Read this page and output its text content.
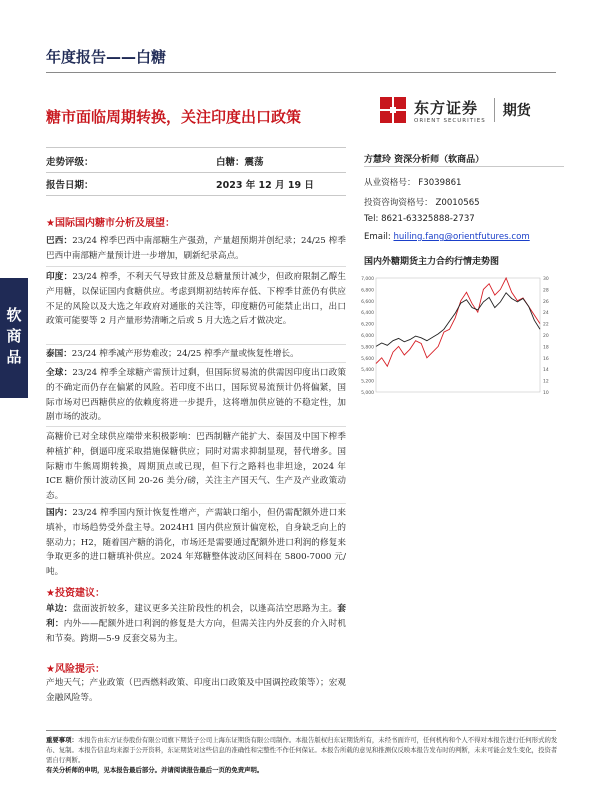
年度报告——白糖
软商品
糖市面临周期转换，关注印度出口政策
东方证券
ORIENT SECURITIES
期货
走势评级：	白糖：震荡
报告日期：	2023 年 12 月 19 日
方慧玲 资深分析师（软商品）
从业资格号： F3039861
投资咨询资格号： Z0010565
Tel: 8621-63325888-2737
Email: huiling.fang@orientfutures.com
国内外糖期货主力合约行情走势图
7,000	30
6,800	28
6,600	26
6,400	24
6,200	22
6,000	20
5,800	18
5,600	16
5,400	14
5,200	12
5,000	10
★国际国内糖市分析及展望：
巴西：23/24 榨季巴西中南部糖生产强劲，产量超预期并创纪录；24/25 榨季巴西中南部糖产量预计进一步增加，刷新纪录高点。
印度：23/24 榨季，不利天气导致甘蔗及总糖量预计减少，但政府限制乙醇生产用糖，以保证国内食糖供应。考虑到期初结转库存低、下榨季甘蔗仍有供应不足的风险以及大选之年政府对通胀的关注等，印度糖仍可能禁止出口，出口政策可能要等 2 月产量形势清晰之后或 5 月大选之后才做决定。
泰国：23/24 榨季减产形势难改；24/25 榨季产量或恢复性增长。
全球：23/24 榨季全球糖产需预计过剩，但国际贸易流的供需因印度出口政策的不确定而仍存在偏紧的风险。若印度不出口，国际贸易流预计仍将偏紧，国际市场对巴西糖供应的依赖度将进一步提升，这将增加供应链的不稳定性，加剧市场的波动。
高糖价已对全球供应端带来积极影响：巴西制糖产能扩大、泰国及中国下榨季种植扩种，倒逼印度采取措施保糖供应；同时对需求抑制显现，替代增多。国际糖市牛熊周期转换，周期顶点或已现，但下行之路料也非坦途，2024 年 ICE 糖价预计波动区间 20-26 美分/磅，关注主产国天气、生产及产业政策动态。
国内：23/24 榨季国内预计恢复性增产，产需缺口缩小，但仍需配额外进口来填补，市场趋势受外盘主导。2024H1 国内供应预计偏宽松，自身缺乏向上的驱动力；H2，随着国产糖的消化，市场还是需要通过配额外进口利润的修复来争取更多的进口糖填补供应。2024 年郑糖整体波动区间料在 5800-7000 元/吨。
★投资建议：
单边：盘面波折较多，建议更多关注阶段性的机会，以逢高沽空思路为主。套利：内外——配额外进口利润的修复是大方向，但需关注内外反套的介入时机和节奏。跨期—5-9 反套交易为主。
★风险提示：
产地天气；产业政策（巴西燃料政策、印度出口政策及中国调控政策等）；宏观金融风险等。
重要事项：本报告由东方证券股份有限公司旗下期货子公司上海东证期货有限公司制作。本报告版权归东证期货所有，未经书面许可，任何机构和个人不得对本报告进行任何形式的发布、复制。本报告信息均来源于公开资料，东证期货对这些信息的准确性和完整性不作任何保证。本报告所载的意见和推测仅反映本报告发布时的判断，未来可能会发生变化，投资者需自行判断。
有关分析师的申明，见本报告最后部分。并请阅读报告最后一页的免责声明。
